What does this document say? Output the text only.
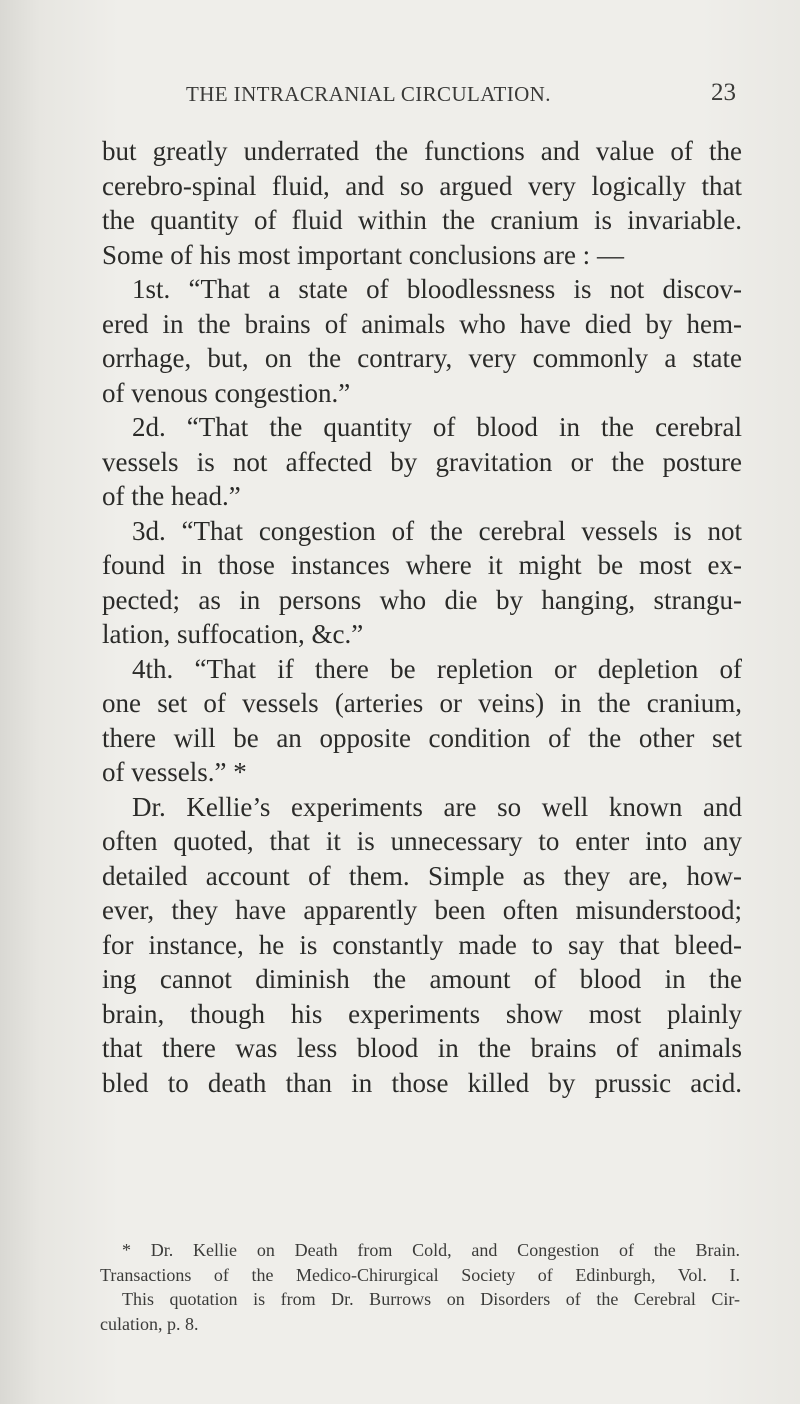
THE INTRACRANIAL CIRCULATION.	23
but greatly underrated the functions and value of the
cerebro-spinal fluid, and so argued very logically that
the quantity of fluid within the cranium is invariable.
Some of his most important conclusions are : —
1st. “That a state of bloodlessness is not discov-
ered in the brains of animals who have died by hem-
orrhage, but, on the contrary, very commonly a state
of venous congestion.”
2d. “That the quantity of blood in the cerebral
vessels is not affected by gravitation or the posture
of the head.”
3d. “That congestion of the cerebral vessels is not
found in those instances where it might be most ex-
pected; as in persons who die by hanging, strangu-
lation, suffocation, &c.”
4th. “That if there be repletion or depletion of
one set of vessels (arteries or veins) in the cranium,
there will be an opposite condition of the other set
of vessels.” *
Dr. Kellie’s experiments are so well known and
often quoted, that it is unnecessary to enter into any
detailed account of them. Simple as they are, how-
ever, they have apparently been often misunderstood;
for instance, he is constantly made to say that bleed-
ing cannot diminish the amount of blood in the
brain, though his experiments show most plainly
that there was less blood in the brains of animals
bled to death than in those killed by prussic acid.
* Dr. Kellie on Death from Cold, and Congestion of the Brain.
Transactions of the Medico-Chirurgical Society of Edinburgh, Vol. I.
This quotation is from Dr. Burrows on Disorders of the Cerebral Cir-
culation, p. 8.
